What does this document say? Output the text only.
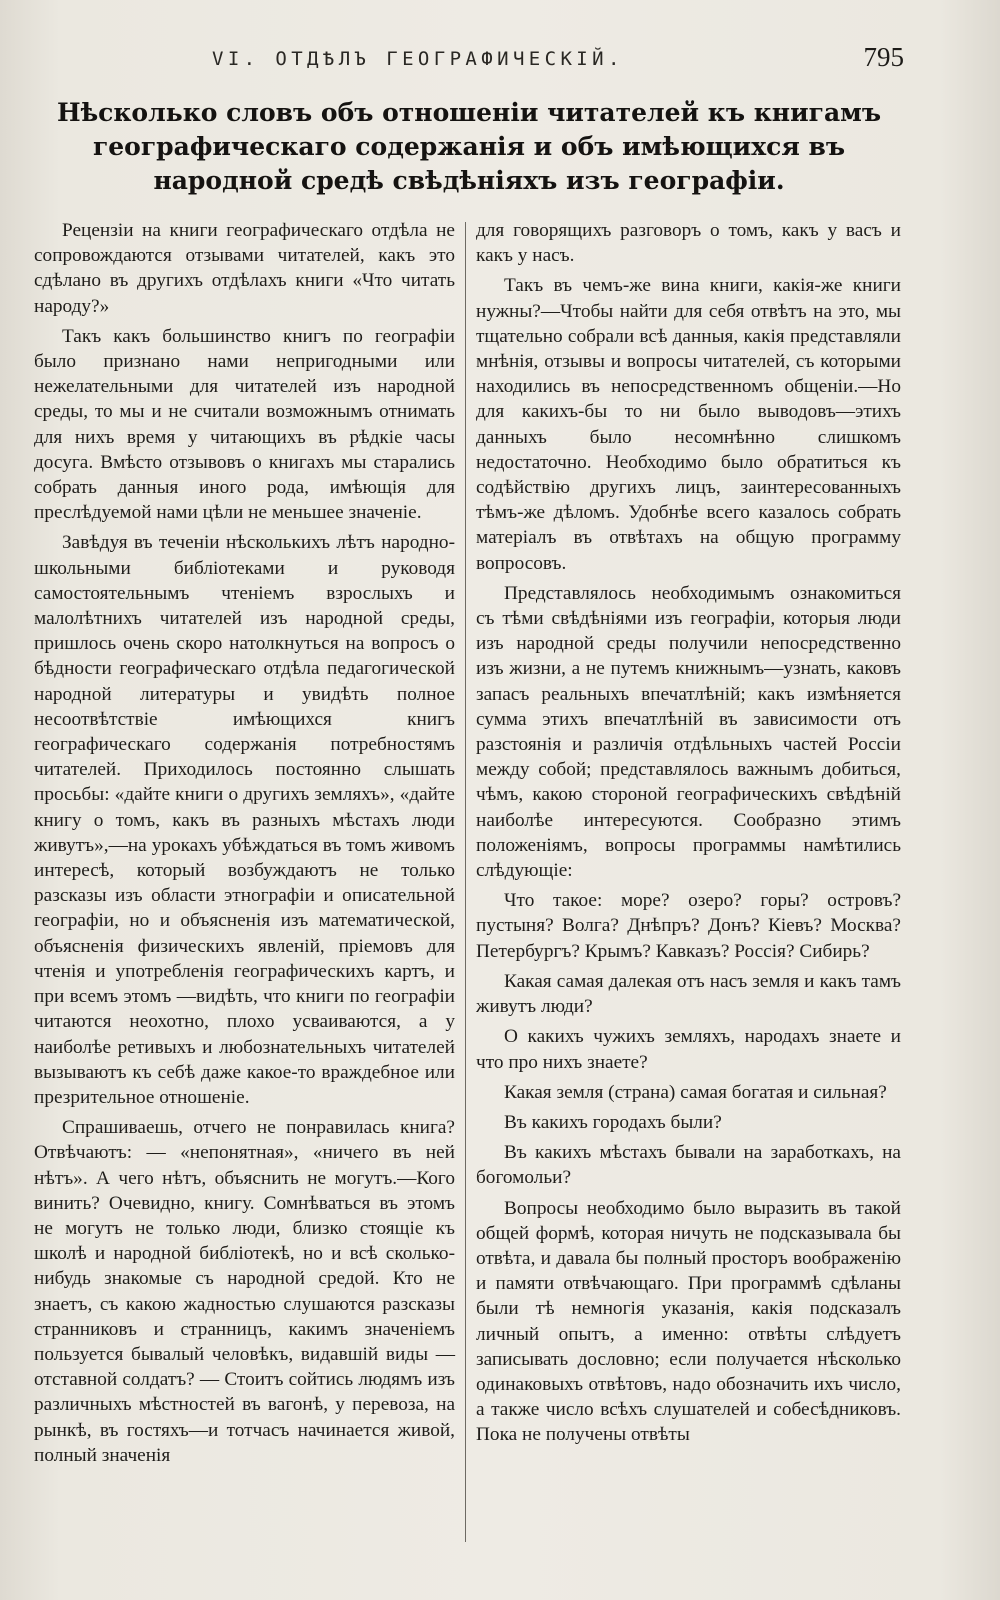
VI. ОТДѢЛЪ ГЕОГРАФИЧЕСКІЙ.	795
Нѣсколько словъ объ отношеніи читателей къ книгамъ географическаго содержанія и объ имѣющихся въ народной средѣ свѣдѣніяхъ изъ географіи.

Рецензіи на книги географическаго отдѣла не сопровождаются отзывами читателей, какъ это сдѣлано въ другихъ отдѣлахъ книги «Что читать народу?»

Такъ какъ большинство книгъ по географіи было признано нами непригодными или нежелательными для читателей изъ народной среды, то мы и не считали возможнымъ отнимать для нихъ время у читающихъ въ рѣдкіе часы досуга. Вмѣсто отзывовъ о книгахъ мы старались собрать данныя иного рода, имѣющія для преслѣдуемой нами цѣли не меньшее значеніе.

Завѣдуя въ теченіи нѣсколькихъ лѣтъ народно-школьными библіотеками и руководя самостоятельнымъ чтеніемъ взрослыхъ и малолѣтнихъ читателей изъ народной среды, пришлось очень скоро натолкнуться на вопросъ о бѣдности географическаго отдѣла педагогической народной литературы и увидѣть полное несоотвѣтствіе имѣющихся книгъ географическаго содержанія потребностямъ читателей. Приходилось постоянно слышать просьбы: «дайте книги о другихъ земляхъ», «дайте книгу о томъ, какъ въ разныхъ мѣстахъ люди живутъ»,—на урокахъ убѣждаться въ томъ живомъ интересѣ, который возбуждаютъ не только разсказы изъ области этнографіи и описательной географіи, но и объясненія изъ математической, объясненія физическихъ явленій, пріемовъ для чтенія и употребленія географическихъ картъ, и при всемъ этомъ —видѣть, что книги по географіи читаются неохотно, плохо усваиваются, а у наиболѣе ретивыхъ и любознательныхъ читателей вызываютъ къ себѣ даже какое-то враждебное или презрительное отношеніе.

Спрашиваешь, отчего не понравилась книга? Отвѣчаютъ: — «непонятная», «ничего въ ней нѣтъ». А чего нѣтъ, объяснить не могутъ.—Кого винить? Очевидно, книгу. Сомнѣваться въ этомъ не могутъ не только люди, близко стоящіе къ школѣ и народной библіотекѣ, но и всѣ сколько-нибудь знакомые съ народной средой. Кто не знаетъ, съ какою жадностью слушаются разсказы странниковъ и странницъ, какимъ значеніемъ пользуется бывалый человѣкъ, видавшій виды — отставной солдатъ? — Стоитъ сойтись людямъ изъ различныхъ мѣстностей въ вагонѣ, у перевоза, на рынкѣ, въ гостяхъ—и тотчасъ начинается живой, полный значенія

для говорящихъ разговоръ о томъ, какъ у васъ и какъ у насъ.

Такъ въ чемъ-же вина книги, какія-же книги нужны?—Чтобы найти для себя отвѣтъ на это, мы тщательно собрали всѣ данныя, какія представляли мнѣнія, отзывы и вопросы читателей, съ которыми находились въ непосредственномъ общеніи.—Но для какихъ-бы то ни было выводовъ—этихъ данныхъ было несомнѣнно слишкомъ недостаточно. Необходимо было обратиться къ содѣйствію другихъ лицъ, заинтересованныхъ тѣмъ-же дѣломъ. Удобнѣе всего казалось собрать матеріалъ въ отвѣтахъ на общую программу вопросовъ.

Представлялось необходимымъ ознакомиться съ тѣми свѣдѣніями изъ географіи, которыя люди изъ народной среды получили непосредственно изъ жизни, а не путемъ книжнымъ—узнать, каковъ запасъ реальныхъ впечатлѣній; какъ измѣняется сумма этихъ впечатлѣній въ зависимости отъ разстоянія и различія отдѣльныхъ частей Россіи между собой; представлялось важнымъ добиться, чѣмъ, какою стороной географическихъ свѣдѣній наиболѣе интересуются. Сообразно этимъ положеніямъ, вопросы программы намѣтились слѣдующіе:

Что такое: море? озеро? горы? островъ? пустыня? Волга? Днѣпръ? Донъ? Кіевъ? Москва? Петербургъ? Крымъ? Кавказъ? Россія? Сибирь?

Какая самая далекая отъ насъ земля и какъ тамъ живутъ люди?

О какихъ чужихъ земляхъ, народахъ знаете и что про нихъ знаете?

Какая земля (страна) самая богатая и сильная?

Въ какихъ городахъ были?

Въ какихъ мѣстахъ бывали на заработкахъ, на богомольи?

Вопросы необходимо было выразить въ такой общей формѣ, которая ничуть не подсказывала бы отвѣта, и давала бы полный просторъ воображенію и памяти отвѣчающаго. При программѣ сдѣланы были тѣ немногія указанія, какія подсказалъ личный опытъ, а именно: отвѣты слѣдуетъ записывать дословно; если получается нѣсколько одинаковыхъ отвѣтовъ, надо обозначить ихъ число, а также число всѣхъ слушателей и собесѣдниковъ. Пока не получены отвѣты
